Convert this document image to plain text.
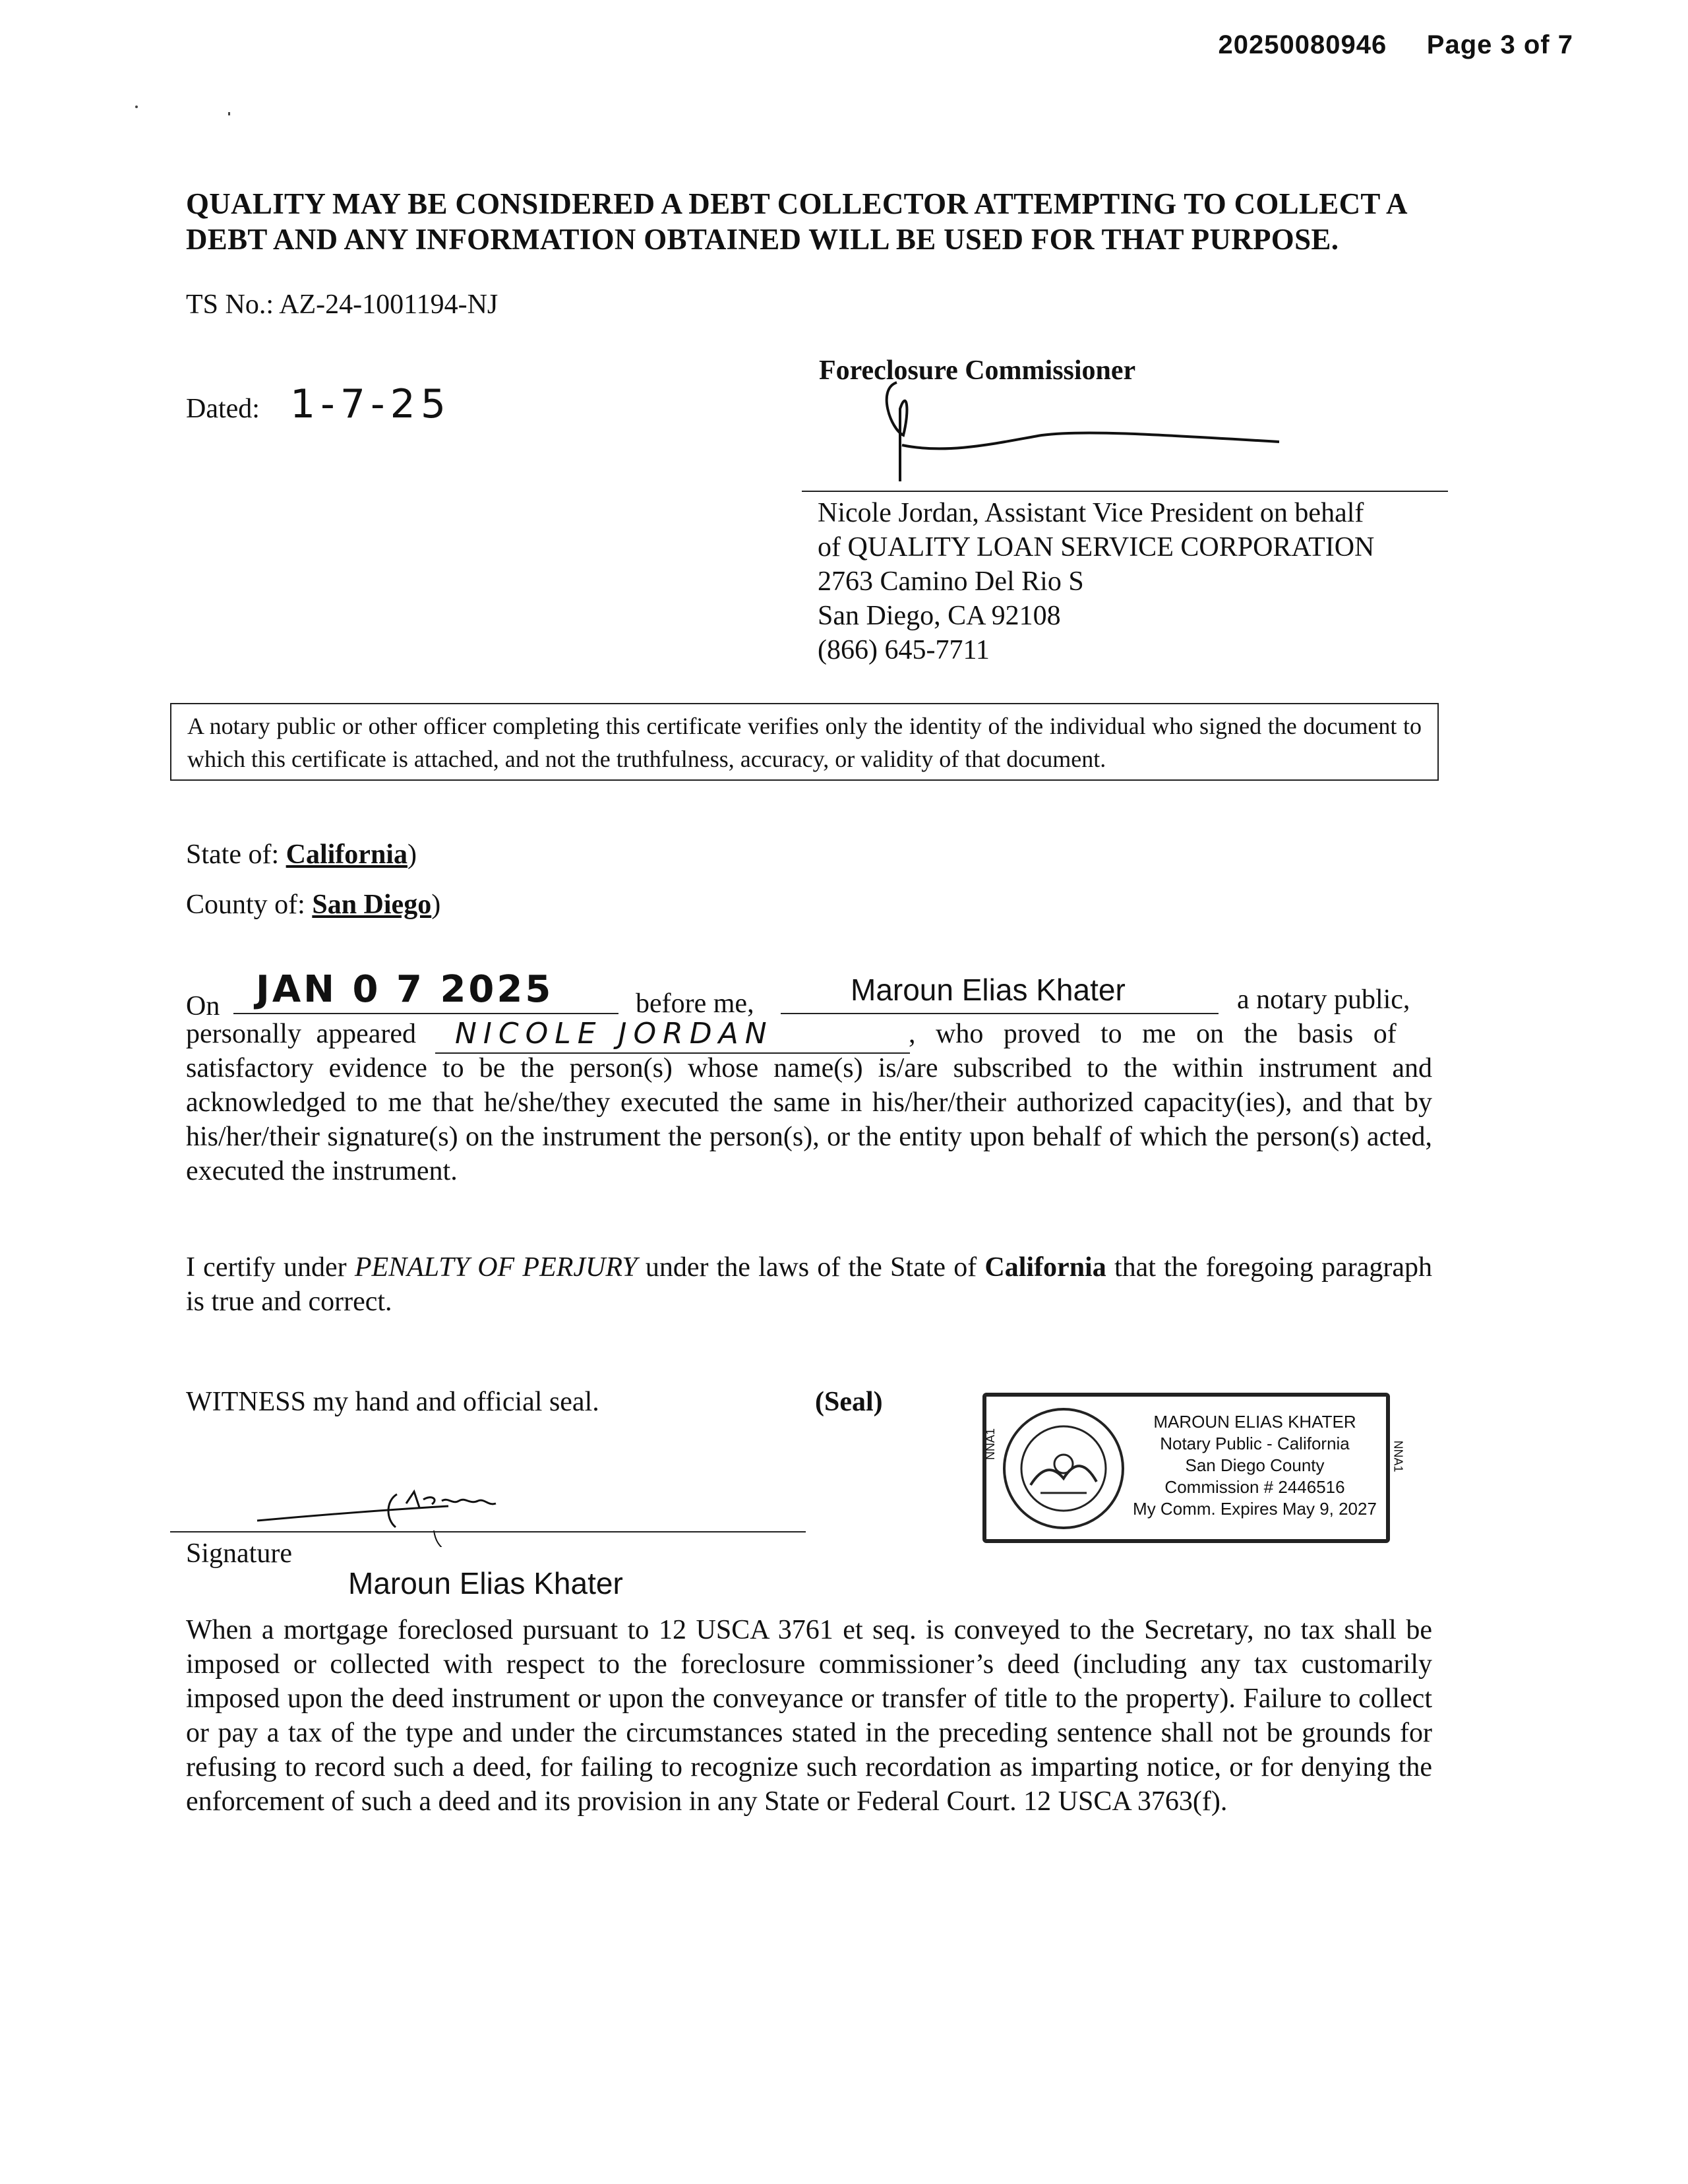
20250080946 Page 3 of 7
QUALITY MAY BE CONSIDERED A DEBT COLLECTOR ATTEMPTING TO COLLECT A DEBT AND ANY INFORMATION OBTAINED WILL BE USED FOR THAT PURPOSE.
TS No.: AZ-24-1001194-NJ
Dated: 1-7-25
Foreclosure Commissioner
Nicole Jordan, Assistant Vice President on behalf
of QUALITY LOAN SERVICE CORPORATION
2763 Camino Del Rio S
San Diego, CA 92108
(866) 645-7711
A notary public or other officer completing this certificate verifies only the identity of the individual who signed the document to which this certificate is attached, and not the truthfulness, accuracy, or validity of that document.
State of: California)
County of: San Diego)
On JAN 0 7 2025	before me,	Maroun Elias Khater	a notary public,
personally appeared NICOLE JORDAN	, who proved to me on the basis of
satisfactory evidence to be the person(s) whose name(s) is/are subscribed to the within instrument and acknowledged to me that he/she/they executed the same in his/her/their authorized capacity(ies), and that by his/her/their signature(s) on the instrument the person(s), or the entity upon behalf of which the person(s) acted, executed the instrument.
I certify under PENALTY OF PERJURY under the laws of the State of California that the foregoing paragraph is true and correct.
WITNESS my hand and official seal.	(Seal)
NNA1	NNA1
MAROUN ELIAS KHATER
Notary Public - California
San Diego County
Commission # 2446516
My Comm. Expires May 9, 2027
Signature
Maroun Elias Khater
When a mortgage foreclosed pursuant to 12 USCA 3761 et seq. is conveyed to the Secretary, no tax shall be imposed or collected with respect to the foreclosure commissioner’s deed (including any tax customarily imposed upon the deed instrument or upon the conveyance or transfer of title to the property). Failure to collect or pay a tax of the type and under the circumstances stated in the preceding sentence shall not be grounds for refusing to record such a deed, for failing to recognize such recordation as imparting notice, or for denying the enforcement of such a deed and its provision in any State or Federal Court. 12 USCA 3763(f).
